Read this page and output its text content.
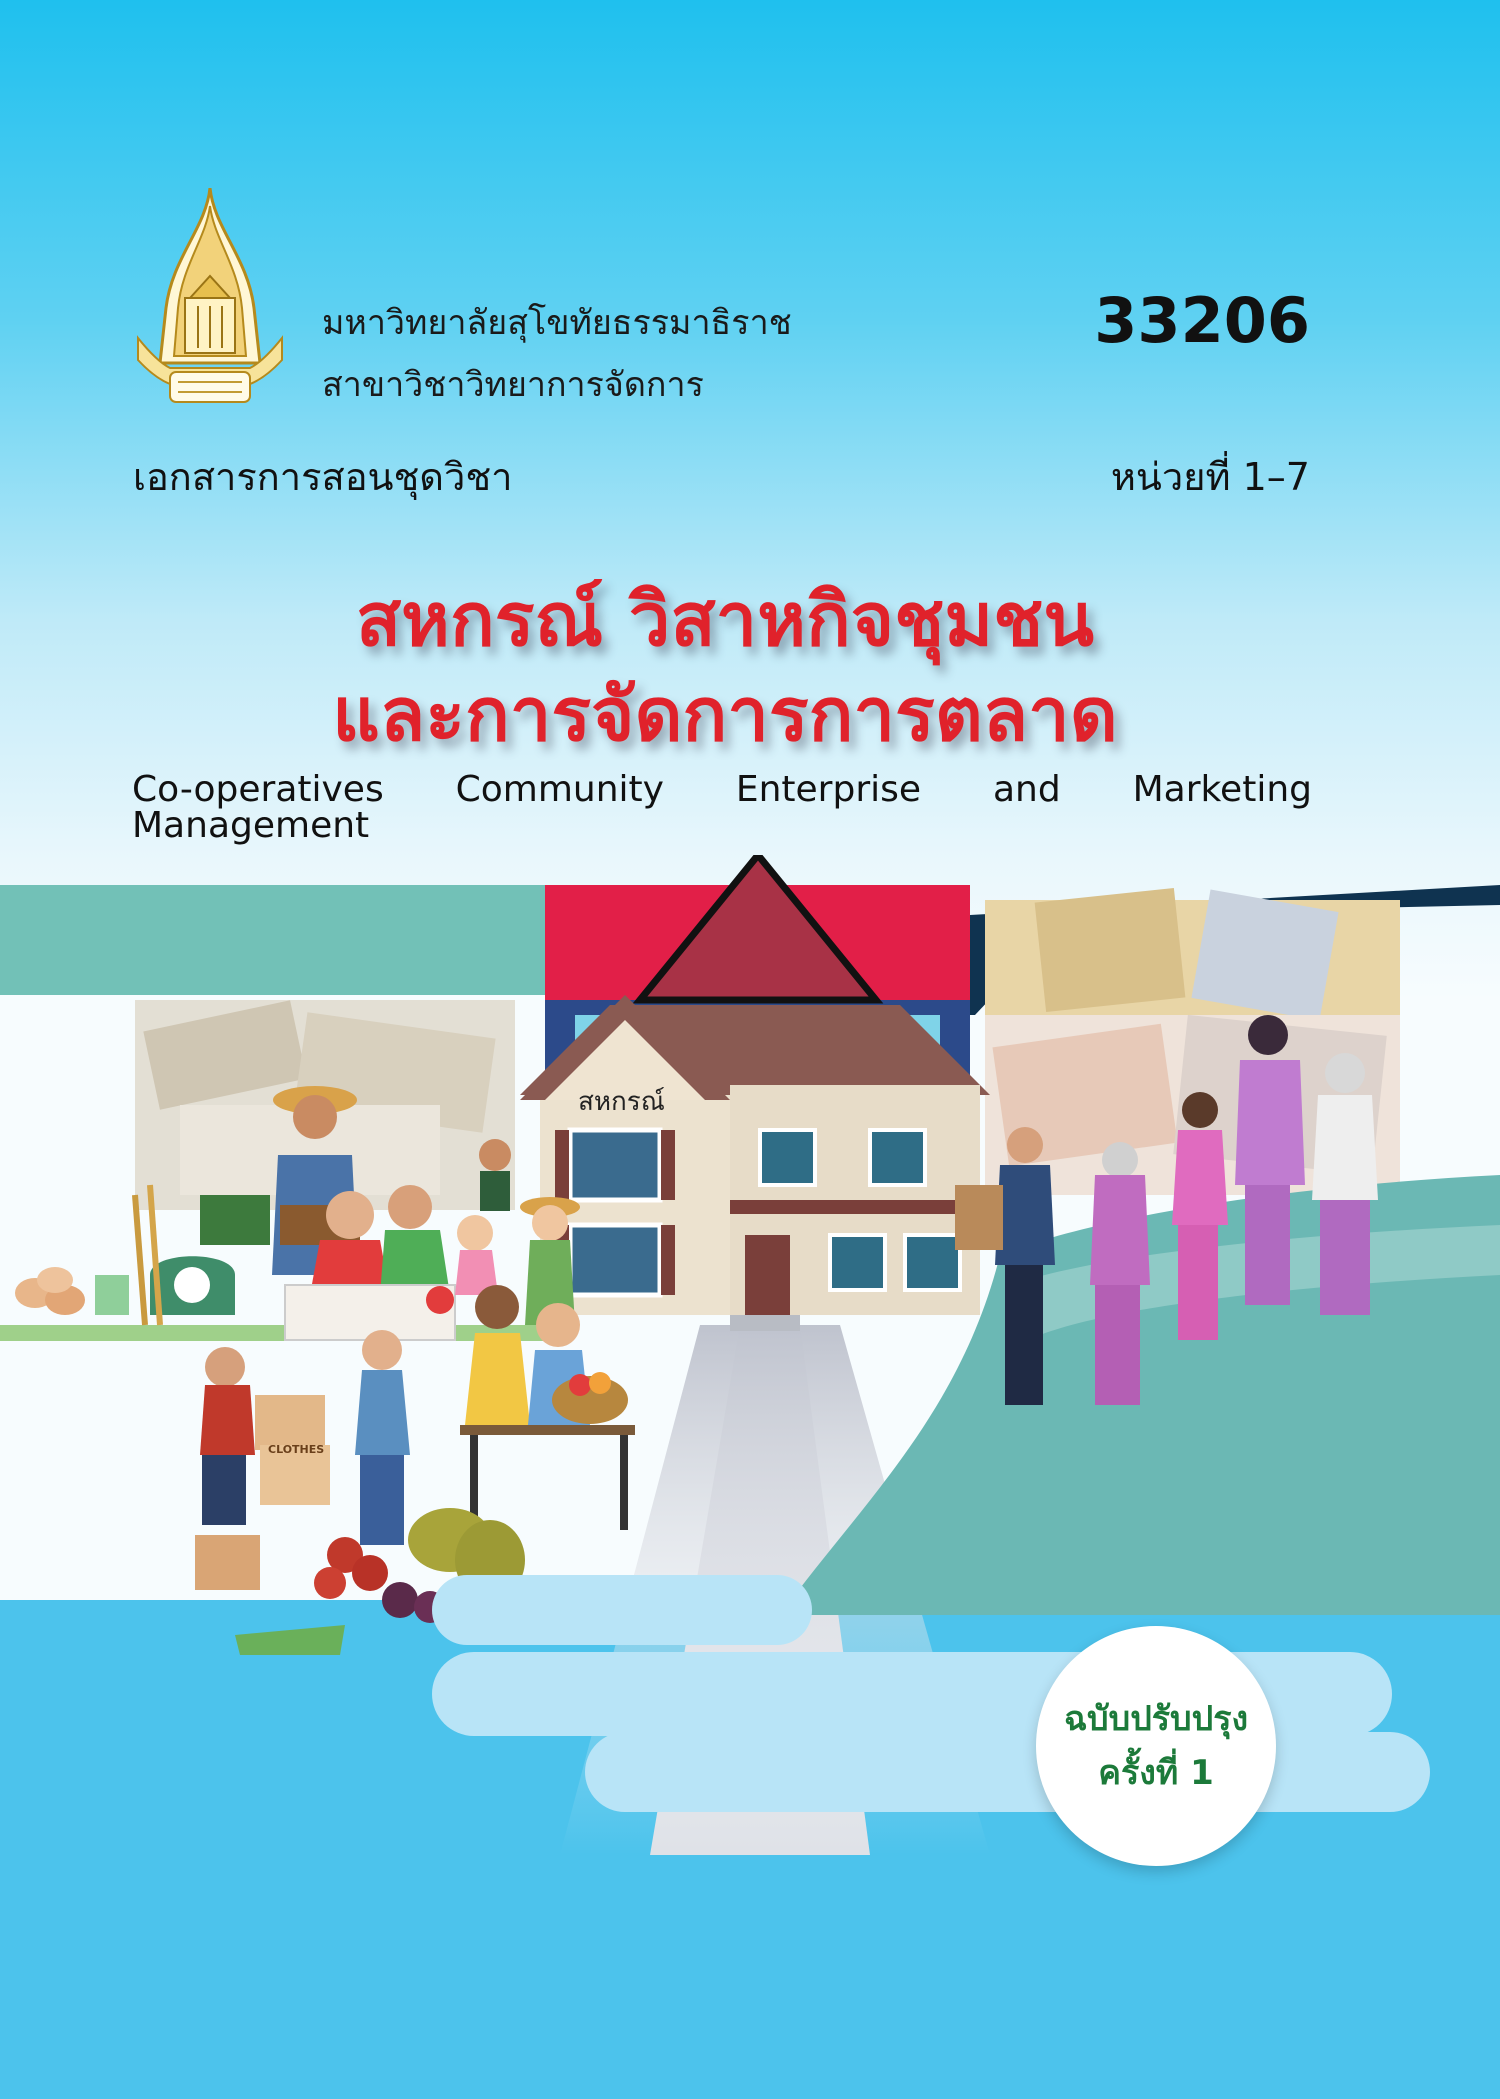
มหาวิทยาลัยสุโขทัยธรรมาธิราช
สาขาวิชาวิทยาการจัดการ
33206
เอกสารการสอนชุดวิชา	หน่วยที่ 1–7
สหกรณ์ วิสาหกิจชุมชน
และการจัดการการตลาด
Co-operatives Community Enterprise and Marketing Management
สหกรณ์
CLOTHES
ฉบับปรับปรุง
ครั้งที่ 1
